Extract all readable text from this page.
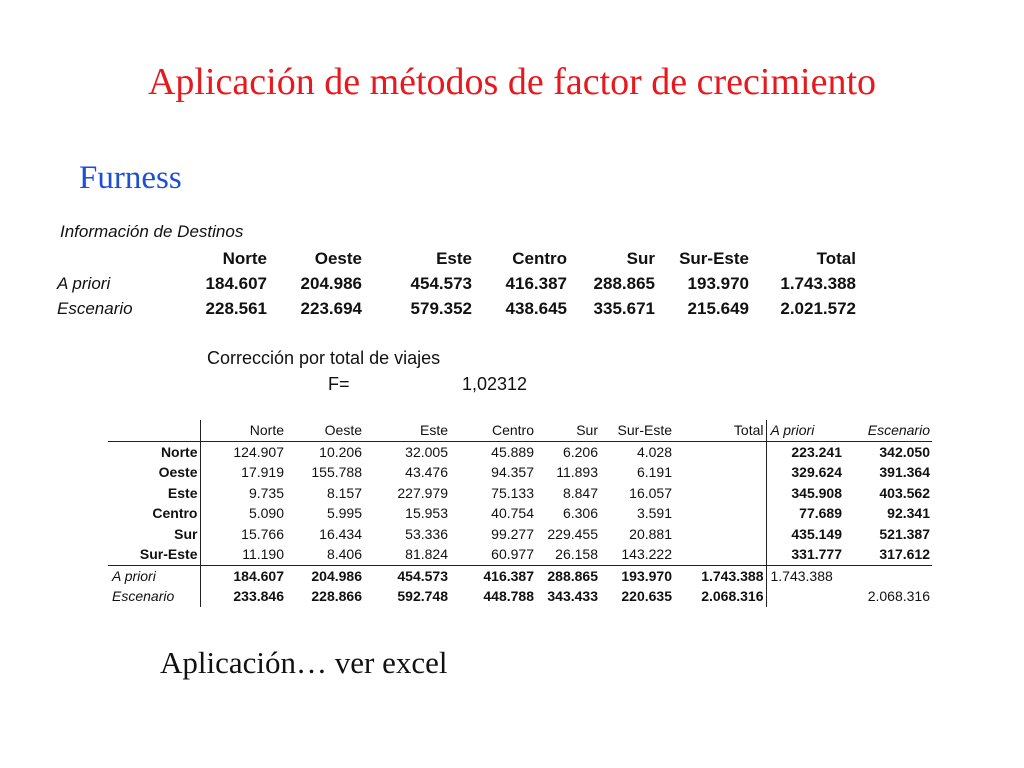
Aplicación de métodos de factor de crecimiento
Furness
Información de Destinos
	Norte	Oeste	Este	Centro	Sur	Sur-Este	Total
A priori	184.607	204.986	454.573	416.387	288.865	193.970	1.743.388
Escenario	228.561	223.694	579.352	438.645	335.671	215.649	2.021.572
Corrección por total de viajes
F=	1,02312
	Norte	Oeste	Este	Centro	Sur	Sur-Este	Total	A priori	Escenario
Norte	124.907	10.206	32.005	45.889	6.206	4.028		223.241	342.050
Oeste	17.919	155.788	43.476	94.357	11.893	6.191		329.624	391.364
Este	9.735	8.157	227.979	75.133	8.847	16.057		345.908	403.562
Centro	5.090	5.995	15.953	40.754	6.306	3.591		77.689	92.341
Sur	15.766	16.434	53.336	99.277	229.455	20.881		435.149	521.387
Sur-Este	11.190	8.406	81.824	60.977	26.158	143.222		331.777	317.612
A priori	184.607	204.986	454.573	416.387	288.865	193.970	1.743.388	1.743.388	
Escenario	233.846	228.866	592.748	448.788	343.433	220.635	2.068.316		2.068.316
Aplicación… ver excel
